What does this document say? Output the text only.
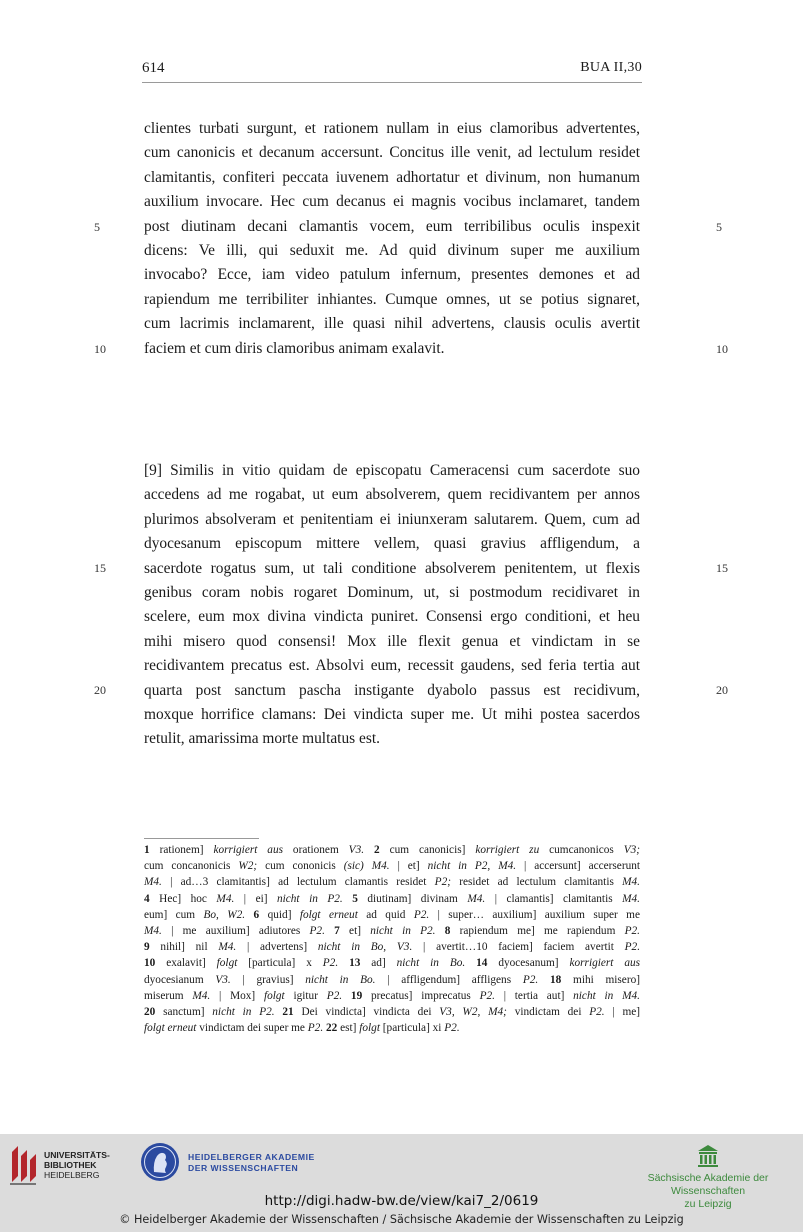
614	BUA II,30
clientes turbati surgunt, et rationem nullam in eius clamoribus advertentes,
cum canonicis et decanum accersunt. Concitus ille venit, ad lectulum residet
clamitantis, confiteri peccata iuvenem adhortatur et divinum, non humanum
auxilium invocare. Hec cum decanus ei magnis vocibus inclamaret, tandem
post diutinam decani clamantis vocem, eum terribilibus oculis inspexit
dicens: Ve illi, qui seduxit me. Ad quid divinum super me auxilium
invocabo? Ecce, iam video patulum infernum, presentes demones et ad
rapiendum me terribiliter inhiantes. Cumque omnes, ut se potius signaret,
cum lacrimis inclamarent, ille quasi nihil advertens, clausis oculis avertit
faciem et cum diris clamoribus animam exalavit.
[9] Similis in vitio quidam de episcopatu Cameracensi cum sacerdote suo
accedens ad me rogabat, ut eum absolverem, quem recidivantem per annos
plurimos absolveram et penitentiam ei iniunxeram salutarem. Quem, cum ad
dyocesanum episcopum mittere vellem, quasi gravius affligendum, a
sacerdote rogatus sum, ut tali conditione absolverem penitentem, ut flexis
genibus coram nobis rogaret Dominum, ut, si postmodum recidivaret in
scelere, eum mox divina vindicta puniret. Consensi ergo conditioni, et heu
mihi misero quod consensi! Mox ille flexit genua et vindictam in se
recidivantem precatus est. Absolvi eum, recessit gaudens, sed feria tertia aut
quarta post sanctum pascha instigante dyabolo passus est recidivum,
moxque horrifice clamans: Dei vindicta super me. Ut mihi postea sacerdos
retulit, amarissima morte multatus est.
5	5
10	10
15	15
20	20
1 rationem] korrigiert aus orationem V3. 2 cum canonicis] korrigiert zu cumcanonicos V3;
cum concanonicis W2; cum cononicis (sic) M4. | et] nicht in P2, M4. | accersunt] accerserunt
M4. | ad…3 clamitantis] ad lectulum clamantis residet P2; residet ad lectulum clamitantis M4.
4 Hec] hoc M4. | ei] nicht in P2. 5 diutinam] divinam M4. | clamantis] clamitantis M4.
eum] cum Bo, W2. 6 quid] folgt erneut ad quid P2. | super… auxilium] auxilium super me
M4. | me auxilium] adiutores P2. 7 et] nicht in P2. 8 rapiendum me] me rapiendum P2.
9 nihil] nil M4. | advertens] nicht in Bo, V3. | avertit…10 faciem] faciem avertit P2.
10 exalavit] folgt [particula] x P2. 13 ad] nicht in Bo. 14 dyocesanum] korrigiert aus
dyocesianum V3. | gravius] nicht in Bo. | affligendum] affligens P2. 18 mihi misero]
miserum M4. | Mox] folgt igitur P2. 19 precatus] imprecatus P2. | tertia aut] nicht in M4.
20 sanctum] nicht in P2. 21 Dei vindicta] vindicta dei V3, W2, M4; vindictam dei P2. | me]
folgt erneut vindictam dei super me P2. 22 est] folgt [particula] xi P2.
UNIVERSITÄTS-
BIBLIOTHEK
HEIDELBERG
HEIDELBERGER AKADEMIE
DER WISSENSCHAFTEN
Sächsische Akademie der Wissenschaften
zu Leipzig
http://digi.hadw-bw.de/view/kai7_2/0619
© Heidelberger Akademie der Wissenschaften / Sächsische Akademie der Wissenschaften zu Leipzig
